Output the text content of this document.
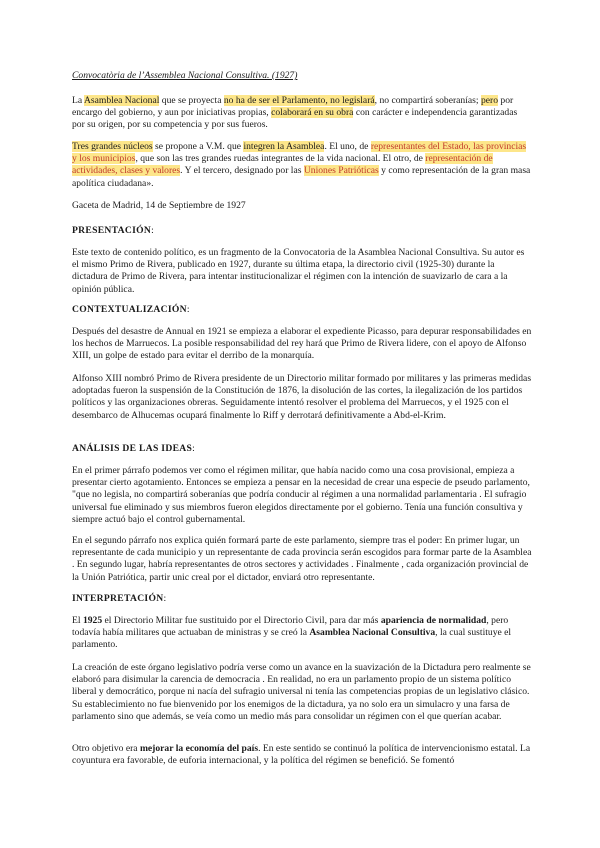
Convocatòria de l’Assemblea Nacional Consultiva. (1927)
La Asamblea Nacional que se proyecta no ha de ser el Parlamento, no legislará, no compartirá soberanías; pero por encargo del gobierno, y aun por iniciativas propias, colaborará en su obra con carácter e independencia garantizadas por su origen, por su competencia y por sus fueros.
Tres grandes núcleos se propone a V.M. que integren la Asamblea. El uno, de representantes del Estado, las provincias y los municipios, que son las tres grandes ruedas integrantes de la vida nacional. El otro, de representación de actividades, clases y valores. Y el tercero, designado por las Uniones Patrióticas y como representación de la gran masa apolítica ciudadana».
Gaceta de Madrid, 14 de Septiembre de 1927
PRESENTACIÓN:
Este texto de contenido político, es un fragmento de la Convocatoria de la Asamblea Nacional Consultiva. Su autor es el mismo Primo de Rivera, publicado en 1927, durante su última etapa, la directorio civil (1925-30) durante la dictadura de Primo de Rivera, para intentar institucionalizar el régimen con la intención de suavizarlo de cara a la opinión pública.
CONTEXTUALIZACIÓN:
Después del desastre de Annual en 1921 se empieza a elaborar el expediente Picasso, para depurar responsabilidades en los hechos de Marruecos. La posible responsabilidad del rey hará que Primo de Rivera lidere, con el apoyo de Alfonso XIII, un golpe de estado para evitar el derribo de la monarquía.
Alfonso XIII nombró Primo de Rivera presidente de un Directorio militar formado por militares y las primeras medidas adoptadas fueron la suspensión de la Constitución de 1876, la disolución de las cortes, la ilegalización de los partidos políticos y las organizaciones obreras. Seguidamente intentó resolver el problema del Marruecos, y el 1925 con el desembarco de Alhucemas ocupará finalmente lo Riff y derrotará definitivamente a Abd-el-Krim.
ANÁLISIS DE LAS IDEAS:
En el primer párrafo podemos ver como el régimen militar, que había nacido como una cosa provisional, empieza a presentar cierto agotamiento. Entonces se empieza a pensar en la necesidad de crear una especie de pseudo parlamento, "que no legisla, no compartirá soberanías que podría conducir al régimen a una normalidad parlamentaria . El sufragio universal fue eliminado y sus miembros fueron elegidos directamente por el gobierno. Tenía una función consultiva y siempre actuó bajo el control gubernamental.
En el segundo párrafo nos explica quién formará parte de este parlamento, siempre tras el poder: En primer lugar, un representante de cada municipio y un representante de cada provincia serán escogidos para formar parte de la Asamblea . En segundo lugar, habría representantes de otros sectores y actividades . Finalmente , cada organización provincial de la Unión Patriótica, partir unic creal por el dictador, enviará otro representante.
INTERPRETACIÓN:
El 1925 el Directorio Militar fue sustituido por el Directorio Civil, para dar más apariencia de normalidad, pero todavía había militares que actuaban de ministras y se creó la Asamblea Nacional Consultiva, la cual sustituye el parlamento.
La creación de este órgano legislativo podría verse como un avance en la suavización de la Dictadura pero realmente se elaboró para disimular la carencia de democracia . En realidad, no era un parlamento propio de un sistema político liberal y democrático, porque ni nacía del sufragio universal ni tenía las competencias propias de un legislativo clásico. Su establecimiento no fue bienvenido por los enemigos de la dictadura, ya no solo era un simulacro y una farsa de parlamento sino que además, se veía como un medio más para consolidar un régimen con el que querían acabar.
Otro objetivo era mejorar la economía del país. En este sentido se continuó la política de intervencionismo estatal. La coyuntura era favorable, de euforia internacional, y la política del régimen se benefició. Se fomentó
